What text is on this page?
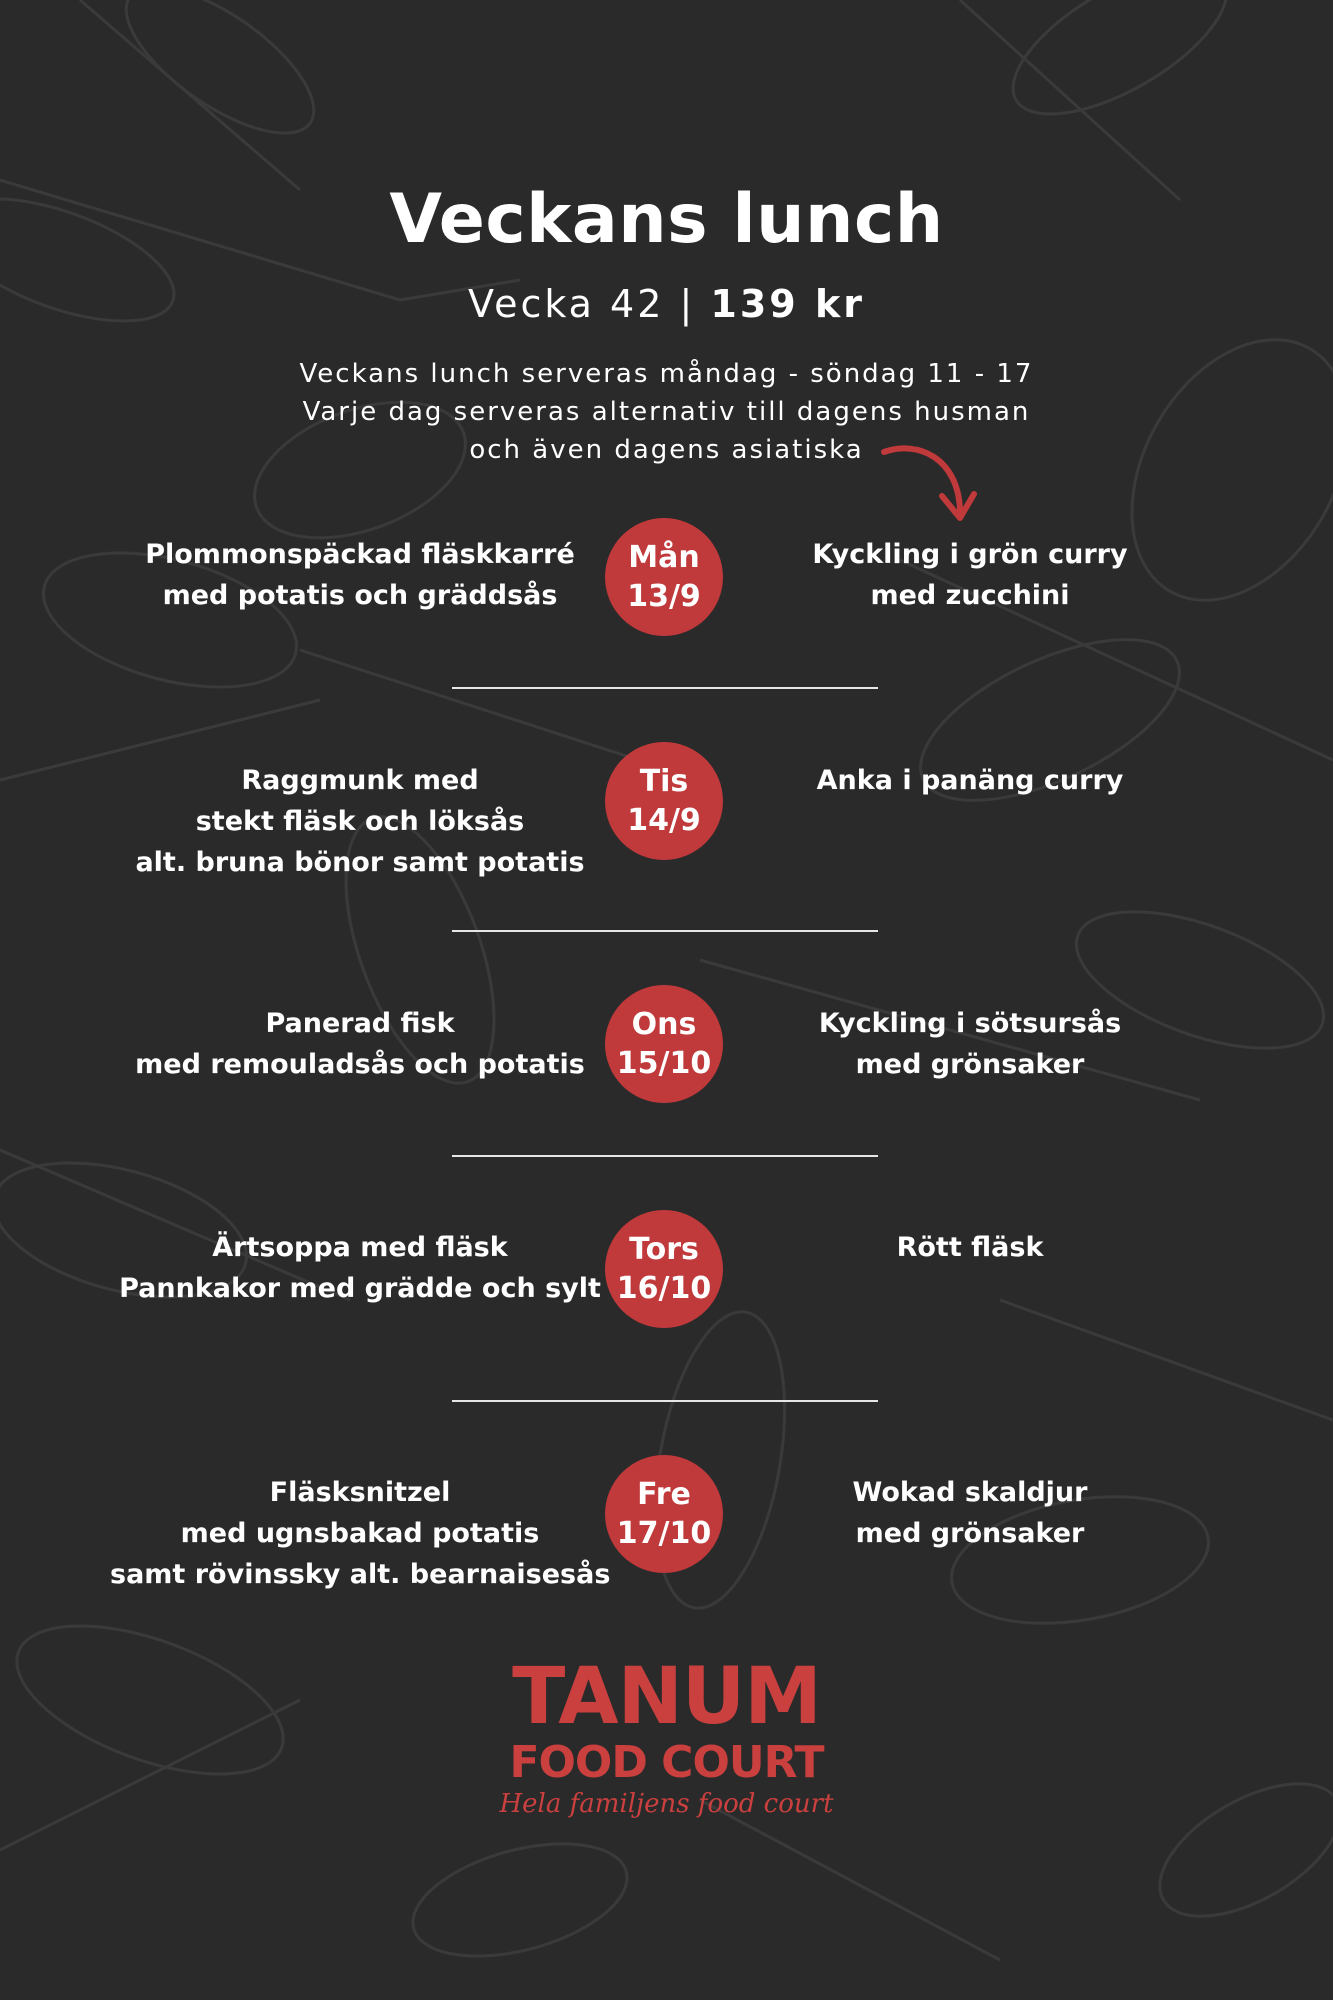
Veckans lunch
Vecka 42 | 139 kr
Veckans lunch serveras måndag - söndag 11 - 17
Varje dag serveras alternativ till dagens husman
och även dagens asiatiska
Plommonspäckad fläskkarré
med potatis och gräddsås
Mån
13/9
Kyckling i grön curry
med zucchini
Raggmunk med
stekt fläsk och löksås
alt. bruna bönor samt potatis
Tis
14/9
Anka i panäng curry
Panerad fisk
med remouladsås och potatis
Ons
15/10
Kyckling i sötsursås
med grönsaker
Ärtsoppa med fläsk
Pannkakor med grädde och sylt
Tors
16/10
Rött fläsk
Fläsksnitzel
med ugnsbakad potatis
samt rövinssky alt. bearnaisesås
Fre
17/10
Wokad skaldjur
med grönsaker
TANUM
FOOD COURT
Hela familjens food court
